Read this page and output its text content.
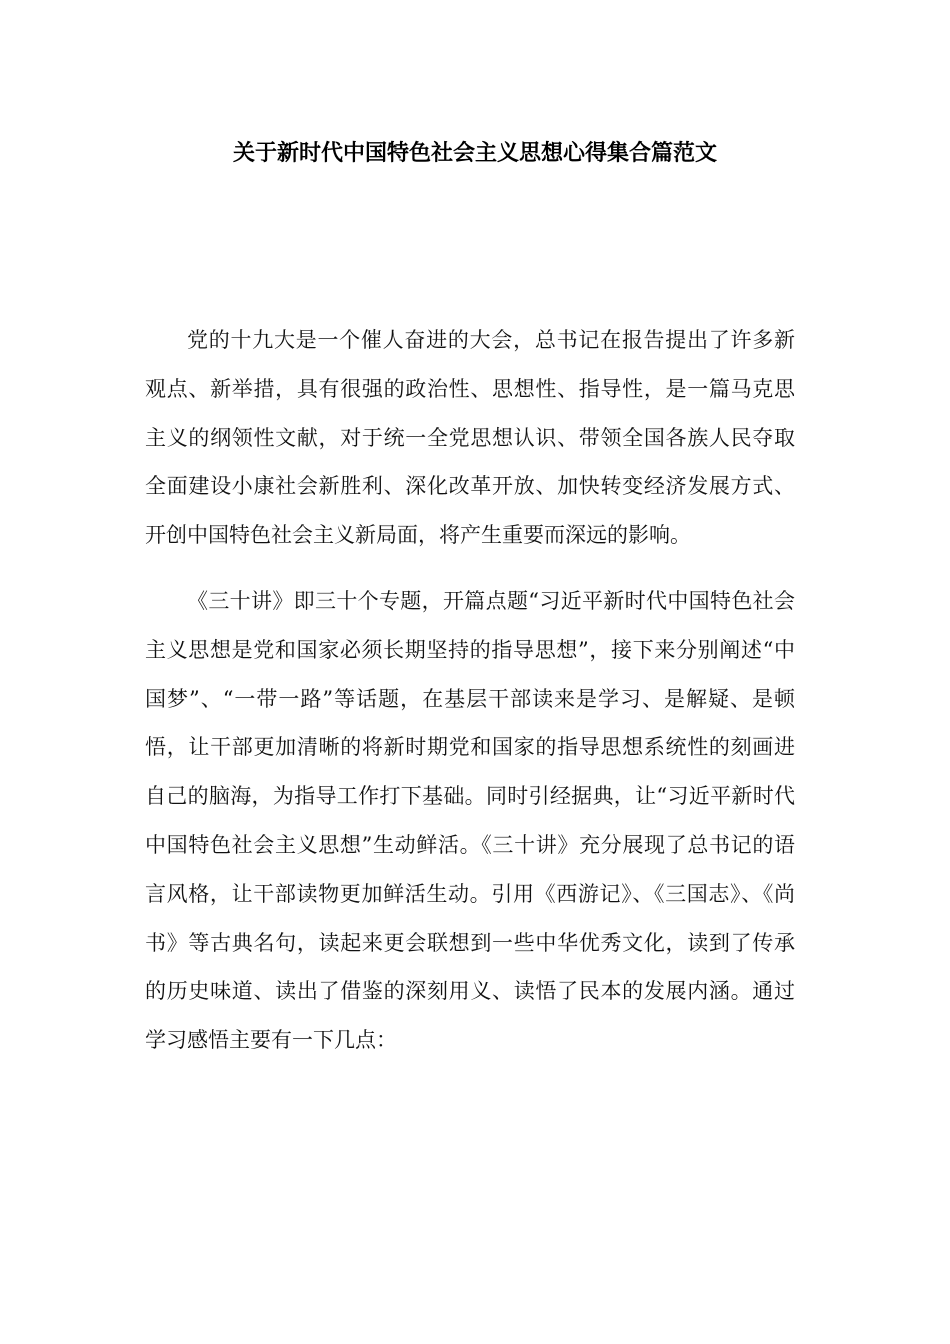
关于新时代中国特色社会主义思想心得集合篇范文

党的十九大是一个催人奋进的大会，总书记在报告提出了许多新观点、新举措，具有很强的政治性、思想性、指导性，是一篇马克思主义的纲领性文献，对于统一全党思想认识、带领全国各族人民夺取全面建设小康社会新胜利、深化改革开放、加快转变经济发展方式、开创中国特色社会主义新局面，将产生重要而深远的影响。

《三十讲》即三十个专题，开篇点题“习近平新时代中国特色社会主义思想是党和国家必须长期坚持的指导思想”，接下来分别阐述“中国梦”、“一带一路”等话题，在基层干部读来是学习、是解疑、是顿悟，让干部更加清晰的将新时期党和国家的指导思想系统性的刻画进自己的脑海，为指导工作打下基础。同时引经据典，让“习近平新时代中国特色社会主义思想”生动鲜活。《三十讲》充分展现了总书记的语言风格，让干部读物更加鲜活生动。引用《西游记》、《三国志》、《尚书》等古典名句，读起来更会联想到一些中华优秀文化，读到了传承的历史味道、读出了借鉴的深刻用义、读悟了民本的发展内涵。通过学习感悟主要有一下几点：
